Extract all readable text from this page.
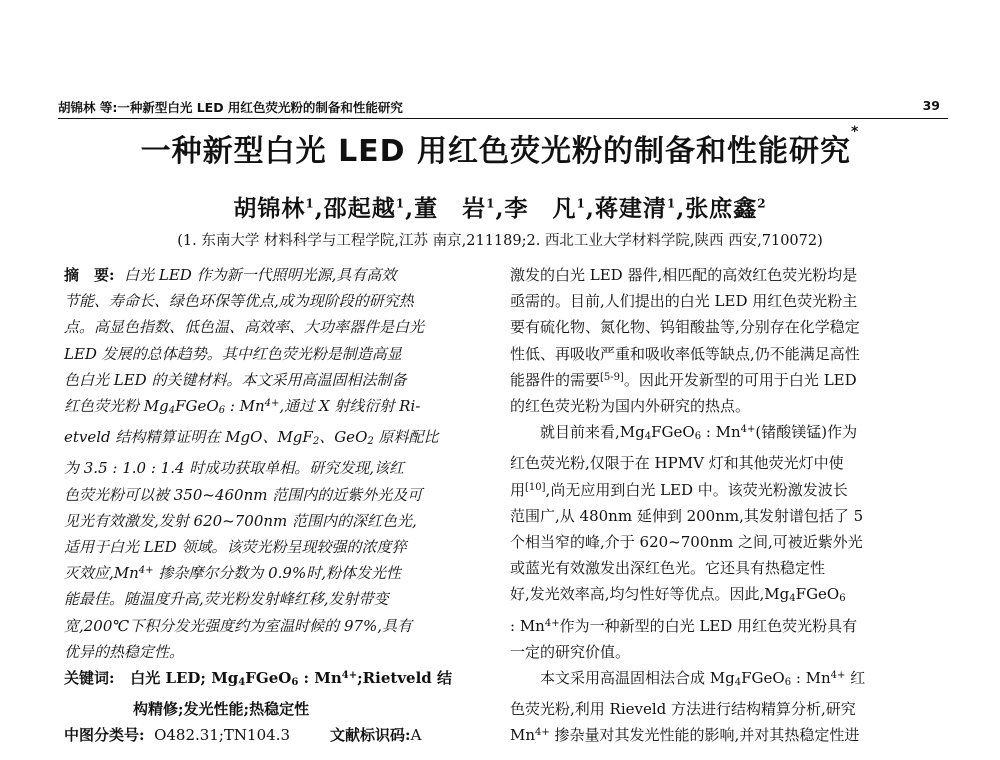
胡锦林 等:一种新型白光 LED 用红色荧光粉的制备和性能研究	39
一种新型白光 LED 用红色荧光粉的制备和性能研究*
胡锦林$^1$,邵起越$^1$,董　岩$^1$,李　凡$^1$,蒋建清$^1$,张庶鑫$^2$
(1. 东南大学 材料科学与工程学院,江苏 南京,211189;2. 西北工业大学材料学院,陕西 西安,710072)

摘　要: 白光 LED 作为新一代照明光源,具有高效

节能、寿命长、绿色环保等优点,成为现阶段的研究热

点。高显色指数、低色温、高效率、大功率器件是白光

LED 发展的总体趋势。其中红色荧光粉是制造高显

色白光 LED 的关键材料。本文采用高温固相法制备

红色荧光粉 $Mg_4FGeO_6$ : $Mn^{4+}$,通过 X 射线衍射 Ri-

etveld 结构精算证明在 MgO、MgF$_2$、GeO$_2$ 原料配比

为 3.5 : 1.0 : 1.4 时成功获取单相。研究发现,该红

色荧光粉可以被 350~460nm 范围内的近紫外光及可

见光有效激发,发射 620~700nm 范围内的深红色光,

适用于白光 LED 领域。该荧光粉呈现较强的浓度猝

灭效应$,Mn^{4+}$ 掺杂摩尔分数为 0.9%时,粉体发光性

能最佳。随温度升高,荧光粉发射峰红移,发射带变

宽,200℃下积分发光强度约为室温时候的 97%,具有

优异的热稳定性。

关键词: 白光 LED; $Mg_4FGeO_6$ : $Mn^{4+};Rietveld$ 结

构精修;发光性能;热稳定性

中图分类号: O482.31;TN104.3	文献标识码:A

激发的白光 LED 器件,相匹配的高效红色荧光粉均是

亟需的。目前,人们提出的白光 LED 用红色荧光粉主

要有硫化物、氮化物、钨钼酸盐等,分别存在化学稳定

性低、再吸收严重和吸收率低等缺点,仍不能满足高性

能器件的需要[5-9]。因此开发新型的可用于白光 LED

的红色荧光粉为国内外研究的热点。

就目前来看$,Mg_4FGeO_6$ : $Mn^{4+}$(锗酸镁锰)作为

红色荧光粉,仅限于在 HPMV 灯和其他荧光灯中使

用[10],尚无应用到白光 LED 中。该荧光粉激发波长

范围广,从 480nm 延伸到 200nm,其发射谱包括了 5

个相当窄的峰,介于 620~700nm 之间,可被近紫外光

或蓝光有效激发出深红色光。它还具有热稳定性

好,发光效率高,均匀性好等优点。因此$,Mg_4FGeO_6$

: $Mn^{4+}$作为一种新型的白光 LED 用红色荧光粉具有

一定的研究价值。

本文采用高温固相法合成 $Mg_4FGeO_6$ : $Mn^{4+}$ 红

色荧光粉,利用 Rieveld 方法进行结构精算分析,研究

$Mn^{4+}$ 掺杂量对其发光性能的影响,并对其热稳定性进
